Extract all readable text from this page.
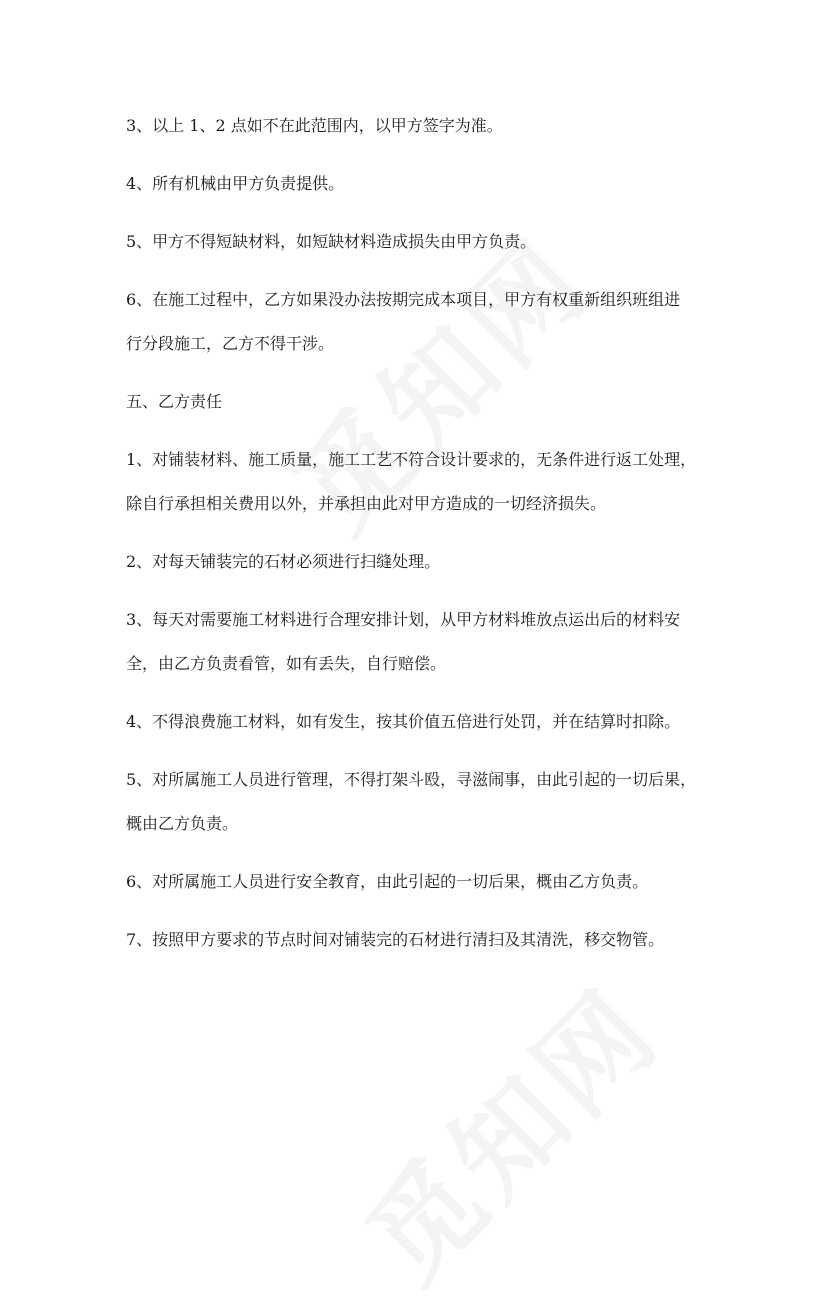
3、以上 1、2 点如不在此范围内，以甲方签字为准。

4、所有机械由甲方负责提供。

5、甲方不得短缺材料，如短缺材料造成损失由甲方负责。

6、在施工过程中，乙方如果没办法按期完成本项目，甲方有权重新组织班组进
行分段施工，乙方不得干涉。

五、乙方责任

1、对铺装材料、施工质量，施工工艺不符合设计要求的，无条件进行返工处理，
除自行承担相关费用以外，并承担由此对甲方造成的一切经济损失。

2、对每天铺装完的石材必须进行扫缝处理。

3、每天对需要施工材料进行合理安排计划，从甲方材料堆放点运出后的材料安
全，由乙方负责看管，如有丢失，自行赔偿。

4、不得浪费施工材料，如有发生，按其价值五倍进行处罚，并在结算时扣除。

5、对所属施工人员进行管理，不得打架斗殴，寻滋闹事，由此引起的一切后果，
概由乙方负责。

6、对所属施工人员进行安全教育，由此引起的一切后果，概由乙方负责。

7、按照甲方要求的节点时间对铺装完的石材进行清扫及其清洗，移交物管。
